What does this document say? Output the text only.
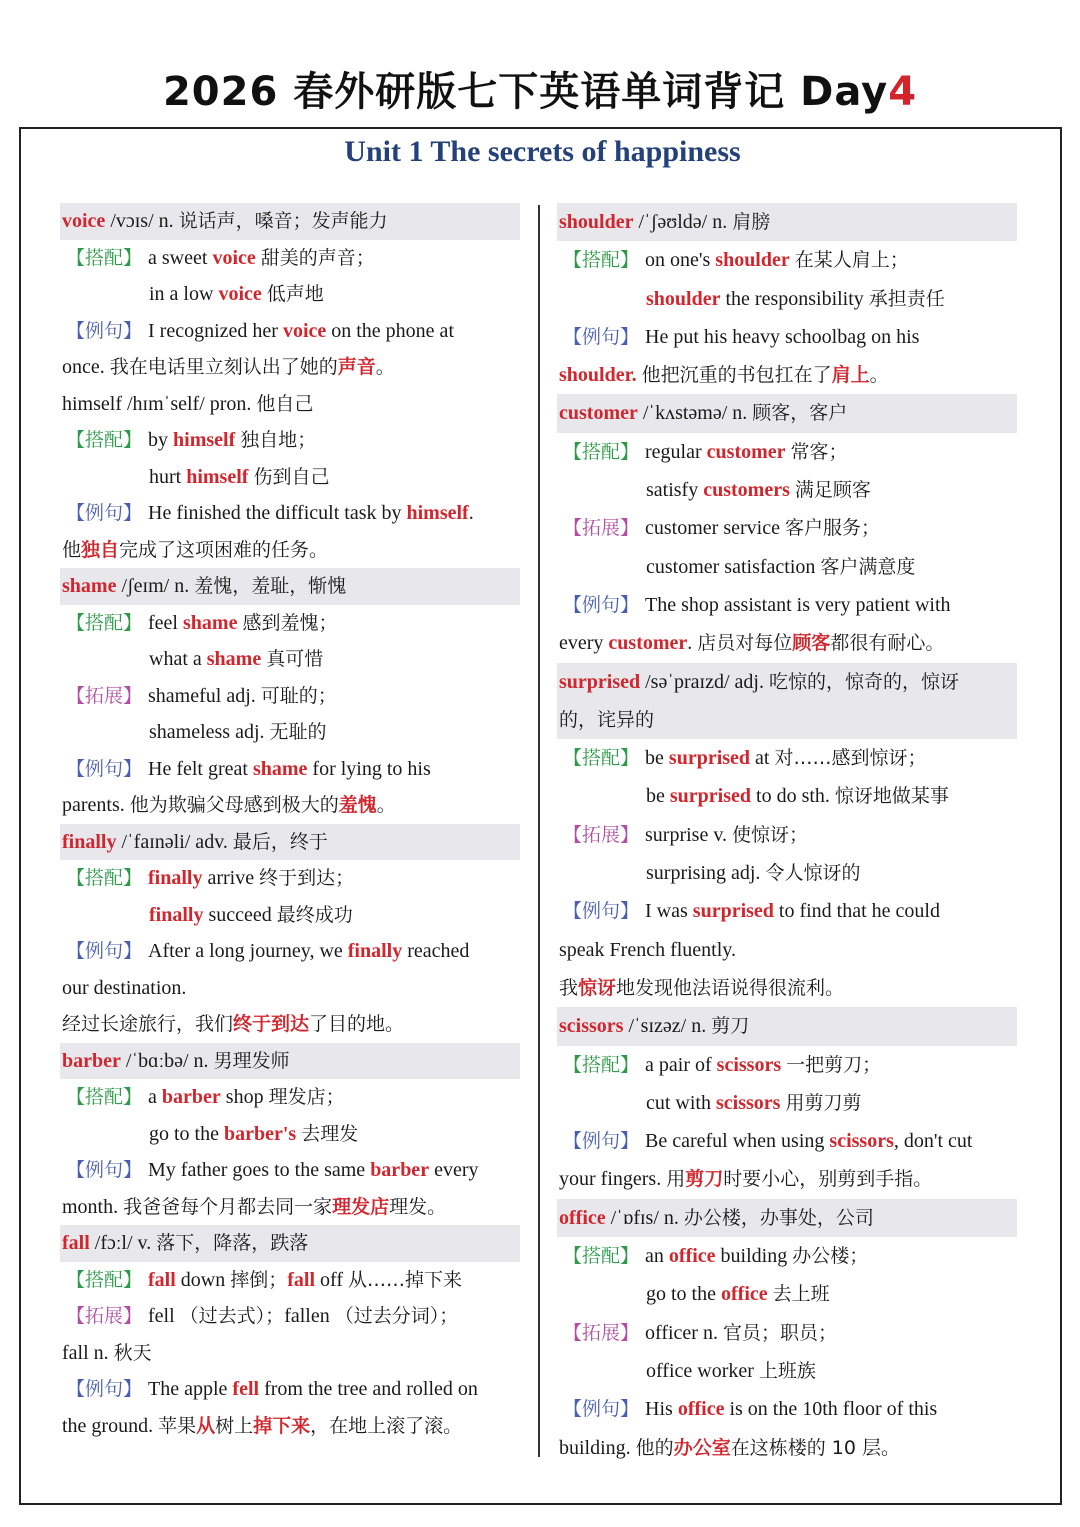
2026 春外研版七下英语单词背记 Day4
Unit 1 The secrets of happiness
voice /vɔɪs/ n. 说话声，嗓音；发声能力
【搭配】 a sweet voice 甜美的声音；
in a low voice 低声地
【例句】 I recognized her voice on the phone at
once. 我在电话里立刻认出了她的声音。
himself /hɪmˈself/ pron. 他自己
【搭配】 by himself 独自地；
hurt himself 伤到自己
【例句】 He finished the difficult task by himself.
他独自完成了这项困难的任务。
shame /ʃeɪm/ n. 羞愧，羞耻，惭愧
【搭配】 feel shame 感到羞愧；
what a shame 真可惜
【拓展】 shameful adj. 可耻的；
shameless adj. 无耻的
【例句】 He felt great shame for lying to his
parents. 他为欺骗父母感到极大的羞愧。
finally /ˈfaɪnəli/ adv. 最后，终于
【搭配】 finally arrive 终于到达；
finally succeed 最终成功
【例句】 After a long journey, we finally reached
our destination.
经过长途旅行，我们终于到达了目的地。
barber /ˈbɑːbə/ n. 男理发师
【搭配】 a barber shop 理发店；
go to the barber's 去理发
【例句】 My father goes to the same barber every
month. 我爸爸每个月都去同一家理发店理发。
fall /fɔːl/ v. 落下，降落，跌落
【搭配】 fall down 摔倒；fall off 从……掉下来
【拓展】 fell （过去式）；fallen （过去分词）；
fall n. 秋天
【例句】 The apple fell from the tree and rolled on
the ground. 苹果从树上掉下来，在地上滚了滚。
shoulder /ˈʃəʊldə/ n. 肩膀
【搭配】 on one's shoulder 在某人肩上；
shoulder the responsibility 承担责任
【例句】 He put his heavy schoolbag on his
shoulder. 他把沉重的书包扛在了肩上。
customer /ˈkʌstəmə/ n. 顾客，客户
【搭配】 regular customer 常客；
satisfy customers 满足顾客
【拓展】 customer service 客户服务；
customer satisfaction 客户满意度
【例句】 The shop assistant is very patient with
every customer. 店员对每位顾客都很有耐心。
surprised /səˈpraɪzd/ adj. 吃惊的，惊奇的，惊讶
的，诧异的
【搭配】 be surprised at 对……感到惊讶；
be surprised to do sth. 惊讶地做某事
【拓展】 surprise v. 使惊讶；
surprising adj. 令人惊讶的
【例句】 I was surprised to find that he could
speak French fluently.
我惊讶地发现他法语说得很流利。
scissors /ˈsɪzəz/ n. 剪刀
【搭配】 a pair of scissors 一把剪刀；
cut with scissors 用剪刀剪
【例句】 Be careful when using scissors, don't cut
your fingers. 用剪刀时要小心，别剪到手指。
office /ˈɒfɪs/ n. 办公楼，办事处，公司
【搭配】 an office building 办公楼；
go to the office 去上班
【拓展】 officer n. 官员；职员；
office worker 上班族
【例句】 His office is on the 10th floor of this
building. 他的办公室在这栋楼的 10 层。
